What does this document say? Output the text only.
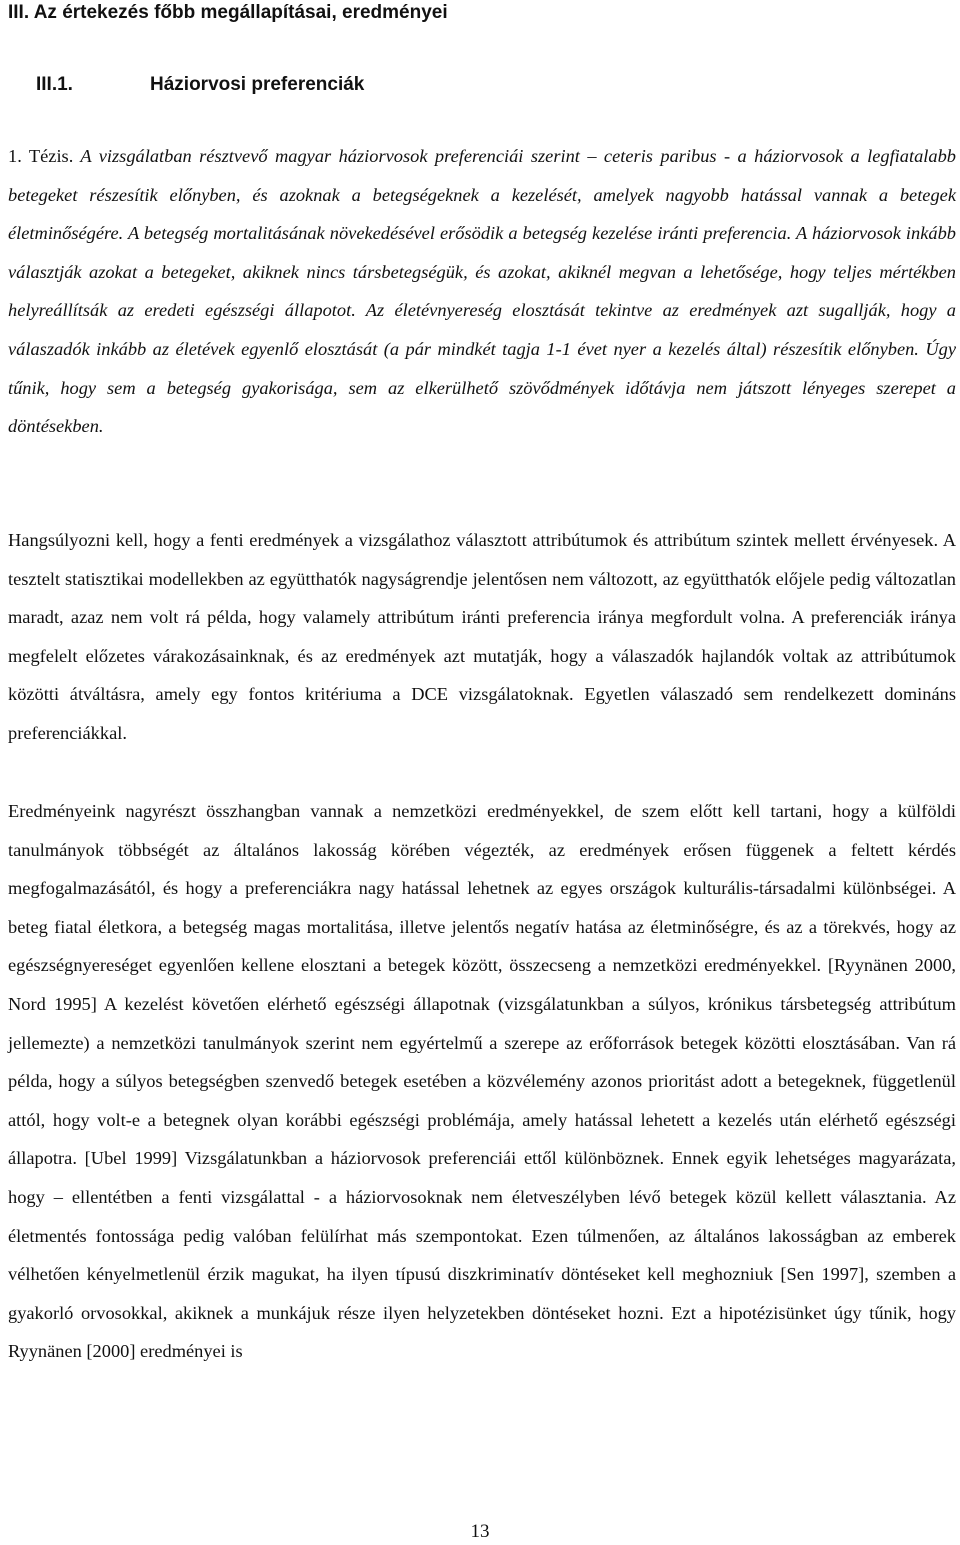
III. Az értekezés főbb megállapításai, eredményei
III.1.	Háziorvosi preferenciák

1. Tézis. A vizsgálatban résztvevő magyar háziorvosok preferenciái szerint – ceteris paribus - a háziorvosok a legfiatalabb betegeket részesítik előnyben, és azoknak a betegségeknek a kezelését, amelyek nagyobb hatással vannak a betegek életminőségére. A betegség mortalitásának növekedésével erősödik a betegség kezelése iránti preferencia. A háziorvosok inkább választják azokat a betegeket, akiknek nincs társbetegségük, és azokat, akiknél megvan a lehetősége, hogy teljes mértékben helyreállítsák az eredeti egészségi állapotot. Az életévnyereség elosztását tekintve az eredmények azt sugallják, hogy a válaszadók inkább az életévek egyenlő elosztását (a pár mindkét tagja 1-1 évet nyer a kezelés által) részesítik előnyben. Úgy tűnik, hogy sem a betegség gyakorisága, sem az elkerülhető szövődmények időtávja nem játszott lényeges szerepet a döntésekben.

Hangsúlyozni kell, hogy a fenti eredmények a vizsgálathoz választott attribútumok és attribútum szintek mellett érvényesek. A tesztelt statisztikai modellekben az együtthatók nagyságrendje jelentősen nem változott, az együtthatók előjele pedig változatlan maradt, azaz nem volt rá példa, hogy valamely attribútum iránti preferencia iránya megfordult volna. A preferenciák iránya megfelelt előzetes várakozásainknak, és az eredmények azt mutatják, hogy a válaszadók hajlandók voltak az attribútumok közötti átváltásra, amely egy fontos kritériuma a DCE vizsgálatoknak. Egyetlen válaszadó sem rendelkezett domináns preferenciákkal.

Eredményeink nagyrészt összhangban vannak a nemzetközi eredményekkel, de szem előtt kell tartani, hogy a külföldi tanulmányok többségét az általános lakosság körében végezték, az eredmények erősen függenek a feltett kérdés megfogalmazásától, és hogy a preferenciákra nagy hatással lehetnek az egyes országok kulturális-társadalmi különbségei. A beteg fiatal életkora, a betegség magas mortalitása, illetve jelentős negatív hatása az életminőségre, és az a törekvés, hogy az egészségnyereséget egyenlően kellene elosztani a betegek között, összecseng a nemzetközi eredményekkel. [Ryynänen 2000, Nord 1995] A kezelést követően elérhető egészségi állapotnak (vizsgálatunkban a súlyos, krónikus társbetegség attribútum jellemezte) a nemzetközi tanulmányok szerint nem egyértelmű a szerepe az erőforrások betegek közötti elosztásában. Van rá példa, hogy a súlyos betegségben szenvedő betegek esetében a közvélemény azonos prioritást adott a betegeknek, függetlenül attól, hogy volt-e a betegnek olyan korábbi egészségi problémája, amely hatással lehetett a kezelés után elérhető egészségi állapotra. [Ubel 1999] Vizsgálatunkban a háziorvosok preferenciái ettől különböznek. Ennek egyik lehetséges magyarázata, hogy – ellentétben a fenti vizsgálattal - a háziorvosoknak nem életveszélyben lévő betegek közül kellett választania. Az életmentés fontossága pedig valóban felülírhat más szempontokat. Ezen túlmenően, az általános lakosságban az emberek vélhetően kényelmetlenül érzik magukat, ha ilyen típusú diszkriminatív döntéseket kell meghozniuk [Sen 1997], szemben a gyakorló orvosokkal, akiknek a munkájuk része ilyen helyzetekben döntéseket hozni. Ezt a hipotézisünket úgy tűnik, hogy Ryynänen [2000] eredményei is

13
